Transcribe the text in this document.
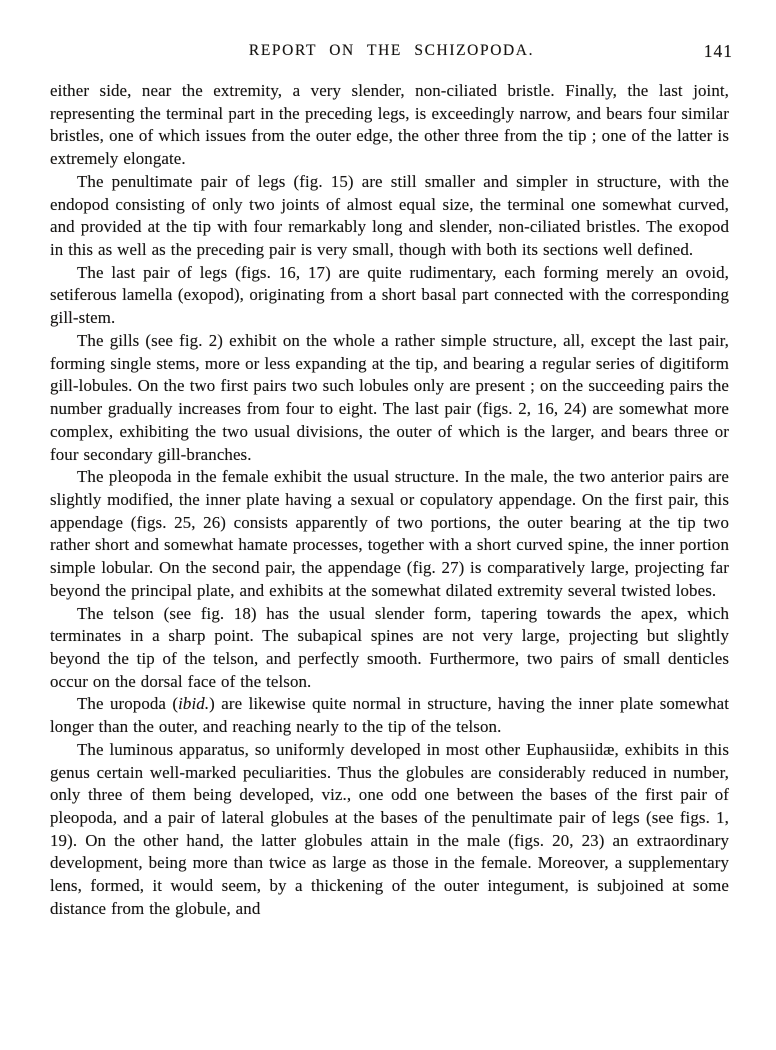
REPORT ON THE SCHIZOPODA.	141

either side, near the extremity, a very slender, non-ciliated bristle. Finally, the last joint, representing the terminal part in the preceding legs, is exceedingly narrow, and bears four similar bristles, one of which issues from the outer edge, the other three from the tip ; one of the latter is extremely elongate.

The penultimate pair of legs (fig. 15) are still smaller and simpler in structure, with the endopod consisting of only two joints of almost equal size, the terminal one somewhat curved, and provided at the tip with four remarkably long and slender, non-ciliated bristles. The exopod in this as well as the preceding pair is very small, though with both its sections well defined.

The last pair of legs (figs. 16, 17) are quite rudimentary, each forming merely an ovoid, setiferous lamella (exopod), originating from a short basal part connected with the corresponding gill-stem.

The gills (see fig. 2) exhibit on the whole a rather simple structure, all, except the last pair, forming single stems, more or less expanding at the tip, and bearing a regular series of digitiform gill-lobules. On the two first pairs two such lobules only are present ; on the succeeding pairs the number gradually increases from four to eight. The last pair (figs. 2, 16, 24) are somewhat more complex, exhibiting the two usual divisions, the outer of which is the larger, and bears three or four secondary gill-branches.

The pleopoda in the female exhibit the usual structure. In the male, the two anterior pairs are slightly modified, the inner plate having a sexual or copulatory appendage. On the first pair, this appendage (figs. 25, 26) consists apparently of two portions, the outer bearing at the tip two rather short and somewhat hamate processes, together with a short curved spine, the inner portion simple lobular. On the second pair, the appendage (fig. 27) is comparatively large, projecting far beyond the principal plate, and exhibits at the somewhat dilated extremity several twisted lobes.

The telson (see fig. 18) has the usual slender form, tapering towards the apex, which terminates in a sharp point. The subapical spines are not very large, projecting but slightly beyond the tip of the telson, and perfectly smooth. Furthermore, two pairs of small denticles occur on the dorsal face of the telson.

The uropoda (ibid.) are likewise quite normal in structure, having the inner plate somewhat longer than the outer, and reaching nearly to the tip of the telson.

The luminous apparatus, so uniformly developed in most other Euphausiidæ, exhibits in this genus certain well-marked peculiarities. Thus the globules are considerably reduced in number, only three of them being developed, viz., one odd one between the bases of the first pair of pleopoda, and a pair of lateral globules at the bases of the penultimate pair of legs (see figs. 1, 19). On the other hand, the latter globules attain in the male (figs. 20, 23) an extraordinary development, being more than twice as large as those in the female. Moreover, a supplementary lens, formed, it would seem, by a thickening of the outer integument, is subjoined at some distance from the globule, and
